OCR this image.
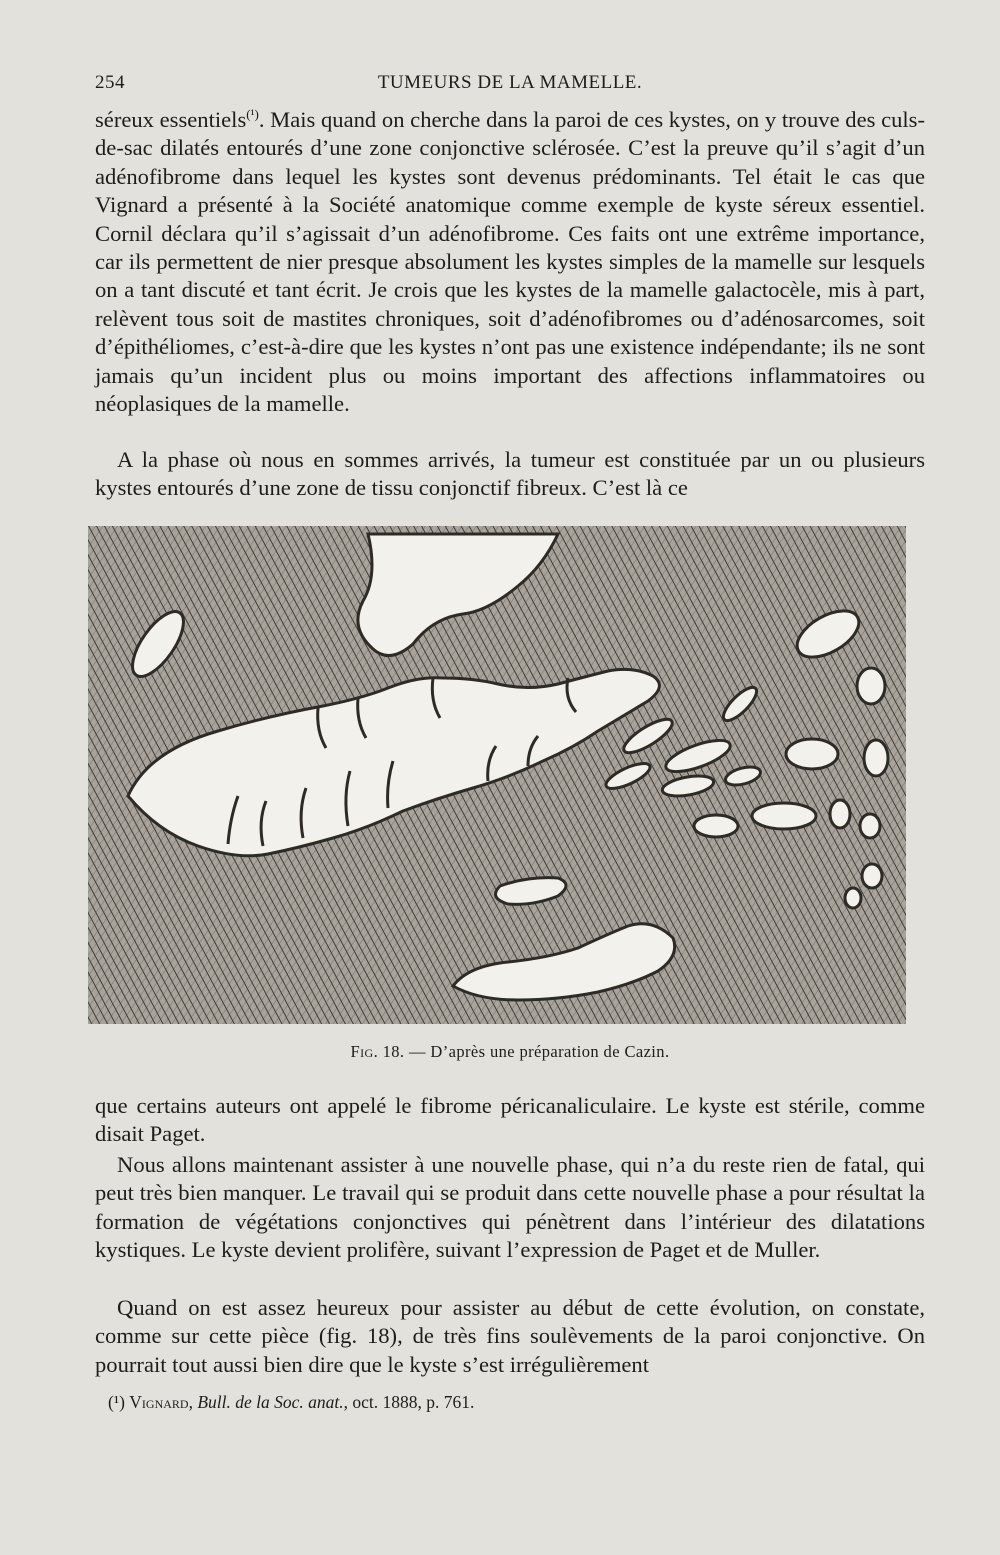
254	TUMEURS DE LA MAMELLE.

séreux essentiels$^{(^1)}$. Mais quand on cherche dans la paroi de ces kystes, on y trouve des culs-de-sac dilatés entourés d’une zone conjonctive sclérosée. C’est la preuve qu’il s’agit d’un adénofibrome dans lequel les kystes sont devenus prédominants. Tel était le cas que Vignard a présenté à la Société anatomique comme exemple de kyste séreux essentiel. Cornil déclara qu’il s’agissait d’un adénofibrome. Ces faits ont une extrême importance, car ils permettent de nier presque absolument les kystes simples de la mamelle sur lesquels on a tant discuté et tant écrit. Je crois que les kystes de la mamelle galactocèle, mis à part, relèvent tous soit de mastites chroniques, soit d’adénofibromes ou d’adénosarcomes, soit d’épithéliomes, c’est-à-dire que les kystes n’ont pas une existence indépendante; ils ne sont jamais qu’un incident plus ou moins important des affections inflammatoires ou néoplasiques de la mamelle.

A la phase où nous en sommes arrivés, la tumeur est constituée par un ou plusieurs kystes entourés d’une zone de tissu conjonctif fibreux. C’est là ce

Fig. 18. — D’après une préparation de Cazin.

que certains auteurs ont appelé le fibrome péricanaliculaire. Le kyste est stérile, comme disait Paget.

Nous allons maintenant assister à une nouvelle phase, qui n’a du reste rien de fatal, qui peut très bien manquer. Le travail qui se produit dans cette nouvelle phase a pour résultat la formation de végétations conjonctives qui pénètrent dans l’intérieur des dilatations kystiques. Le kyste devient prolifère, suivant l’expression de Paget et de Muller.

Quand on est assez heureux pour assister au début de cette évolution, on constate, comme sur cette pièce (fig. 18), de très fins soulèvements de la paroi conjonctive. On pourrait tout aussi bien dire que le kyste s’est irrégulièrement

(¹) Vignard, Bull. de la Soc. anat., oct. 1888, p. 761.
